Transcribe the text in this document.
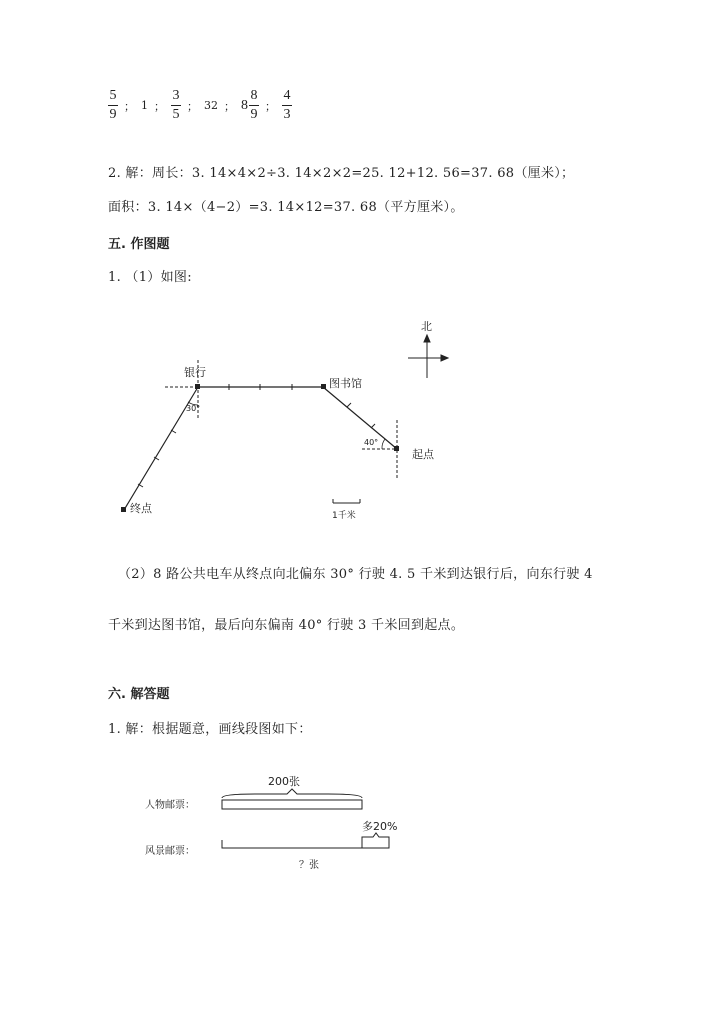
$\frac{5}{9}$ ； 1 ； $\frac{3}{5}$ ； 32 ； $8 \frac{8}{9}$ ； $\frac{4}{3}$
2. 解：周长：3. 14×4×2÷3. 14×2×2=25. 12+12. 56=37. 68（厘米）；
面积：3. 14×（4−2）=3. 14×12=37. 68（平方厘米）。
五. 作图题
1. （1）如图:
北
银行
图书馆
起点
终点
30°
40°
1千米
（2）8 路公共电车从终点向北偏东 30° 行驶 4. 5 千米到达银行后，向东行驶 4
千米到达图书馆，最后向东偏南 40° 行驶 3 千米回到起点。
六. 解答题
1. 解：根据题意，画线段图如下：
人物邮票：
200张
风景邮票：
多20%
？张
